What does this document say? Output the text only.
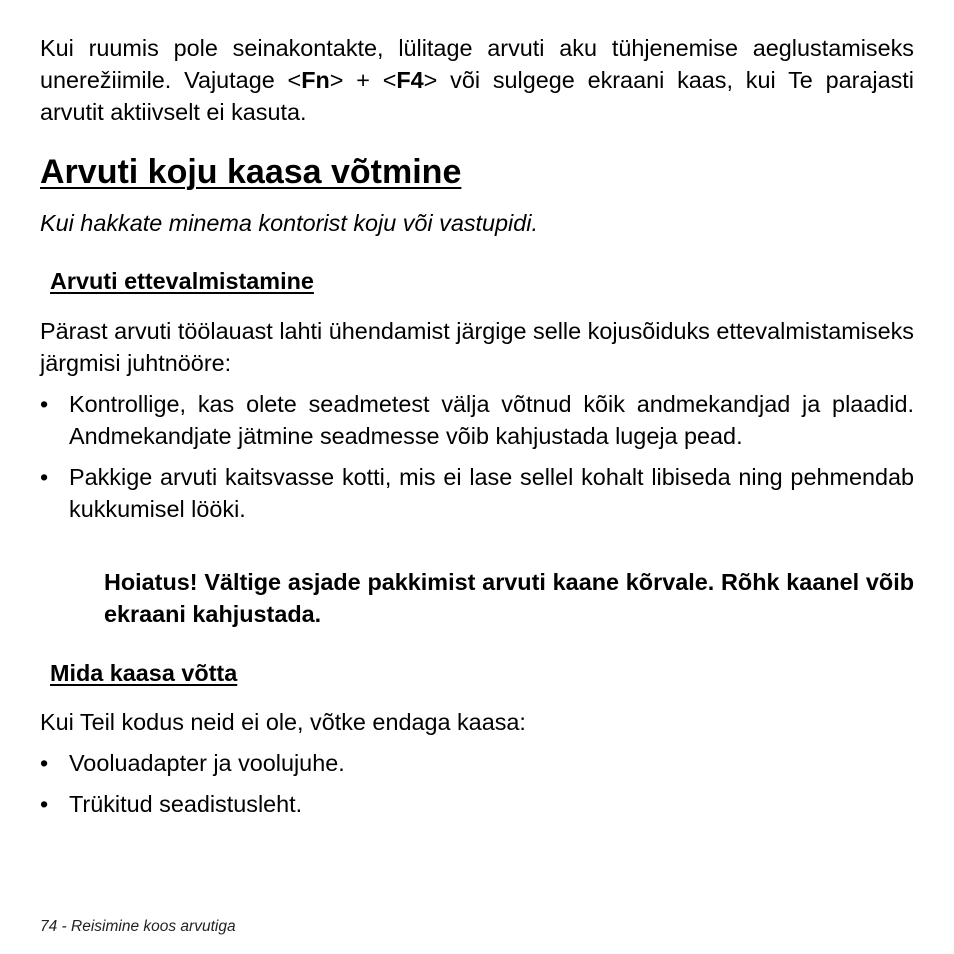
Kui ruumis pole seinakontakte, lülitage arvuti aku tühjenemise aeglustamiseks unerežiimile. Vajutage <Fn> + <F4> või sulgege ekraani kaas, kui Te parajasti arvutit aktiivselt ei kasuta.

Arvuti koju kaasa võtmine

Kui hakkate minema kontorist koju või vastupidi.

Arvuti ettevalmistamine

Pärast arvuti töölauast lahti ühendamist järgige selle kojusõiduks ettevalmistamiseks järgmisi juhtnööre:

• Kontrollige, kas olete seadmetest välja võtnud kõik andmekandjad ja plaadid. Andmekandjate jätmine seadmesse võib kahjustada lugeja pead.
• Pakkige arvuti kaitsvasse kotti, mis ei lase sellel kohalt libiseda ning pehmendab kukkumisel lööki.

Hoiatus! Vältige asjade pakkimist arvuti kaane kõrvale. Rõhk kaanel võib ekraani kahjustada.

Mida kaasa võtta

Kui Teil kodus neid ei ole, võtke endaga kaasa:

• Vooluadapter ja voolujuhe.
• Trükitud seadistusleht.
74 - Reisimine koos arvutiga
